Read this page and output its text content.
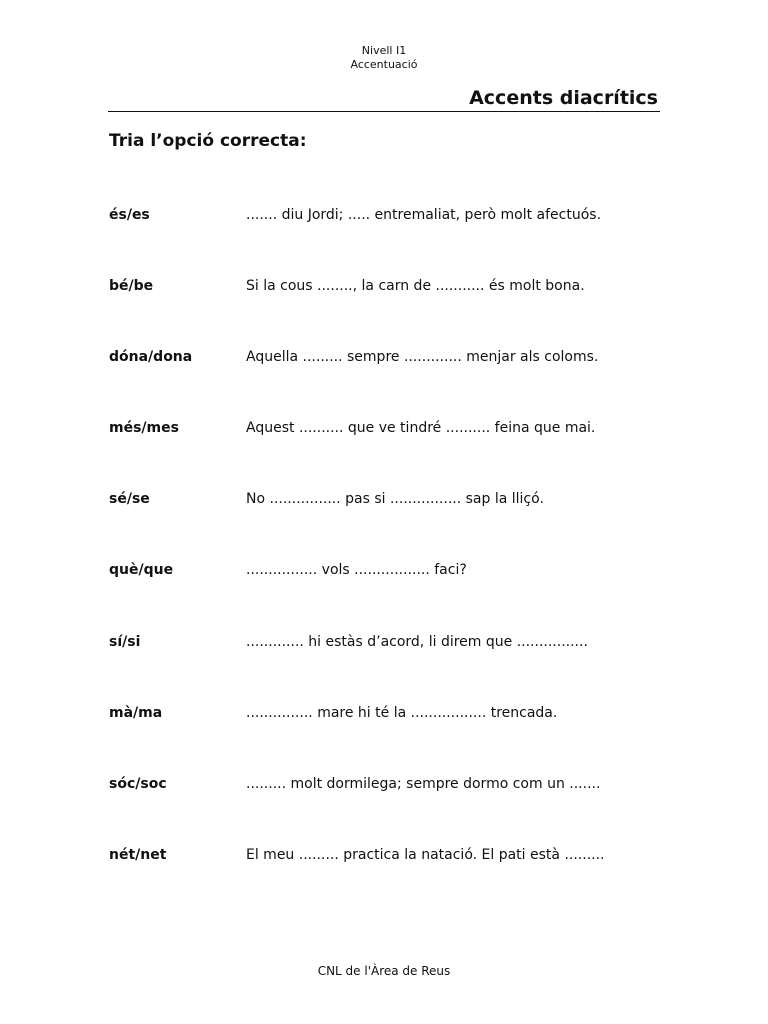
Nivell I1
Accentuació
Accents diacrítics
Tria l’opció correcta:
és/es	....... diu Jordi; ..... entremaliat, però molt afectuós.
bé/be	Si la cous ........, la carn de ........... és molt bona.
dóna/dona	Aquella ......... sempre ............. menjar als coloms.
més/mes	Aquest .......... que ve tindré .......... feina que mai.
sé/se	No ................ pas si ................ sap la lliçó.
què/que	................ vols ................. faci?
sí/si	............. hi estàs d’acord, li direm que ................
mà/ma	............... mare hi té la ................. trencada.
sóc/soc	......... molt dormilega; sempre dormo com un .......
nét/net	El meu ......... practica la natació. El pati està .........
CNL de l'Àrea de Reus
